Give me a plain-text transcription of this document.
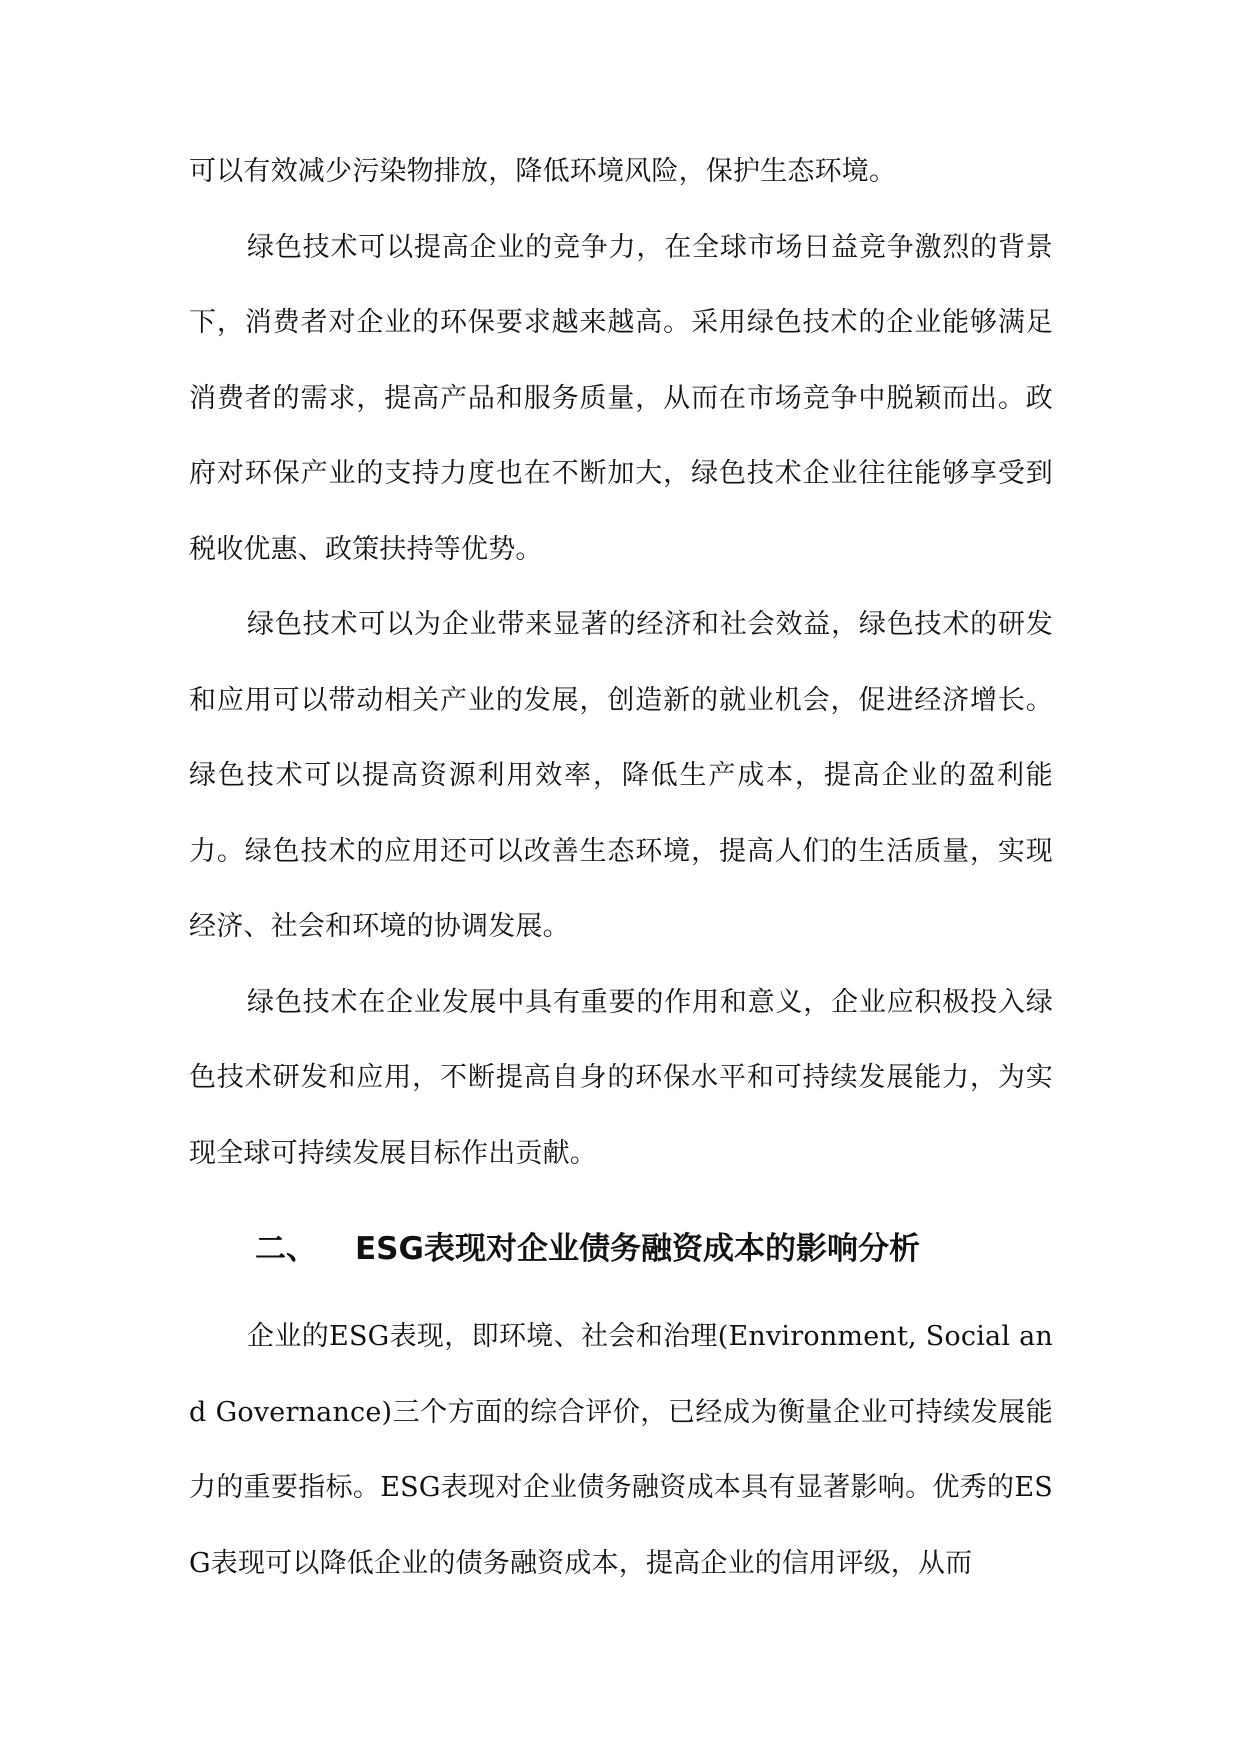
可以有效减少污染物排放，降低环境风险，保护生态环境。

绿色技术可以提高企业的竞争力，在全球市场日益竞争激烈的背景下，消费者对企业的环保要求越来越高。采用绿色技术的企业能够满足消费者的需求，提高产品和服务质量，从而在市场竞争中脱颖而出。政府对环保产业的支持力度也在不断加大，绿色技术企业往往能够享受到税收优惠、政策扶持等优势。

绿色技术可以为企业带来显著的经济和社会效益，绿色技术的研发和应用可以带动相关产业的发展，创造新的就业机会，促进经济增长。绿色技术可以提高资源利用效率，降低生产成本，提高企业的盈利能力。绿色技术的应用还可以改善生态环境，提高人们的生活质量，实现经济、社会和环境的协调发展。

绿色技术在企业发展中具有重要的作用和意义，企业应积极投入绿色技术研发和应用，不断提高自身的环保水平和可持续发展能力，为实现全球可持续发展目标作出贡献。

二、 ESG表现对企业债务融资成本的影响分析

企业的ESG表现，即环境、社会和治理(Environment, Social and Governance)三个方面的综合评价，已经成为衡量企业可持续发展能力的重要指标。ESG表现对企业债务融资成本具有显著影响。优秀的ESG表现可以降低企业的债务融资成本，提高企业的信用评级，从而
